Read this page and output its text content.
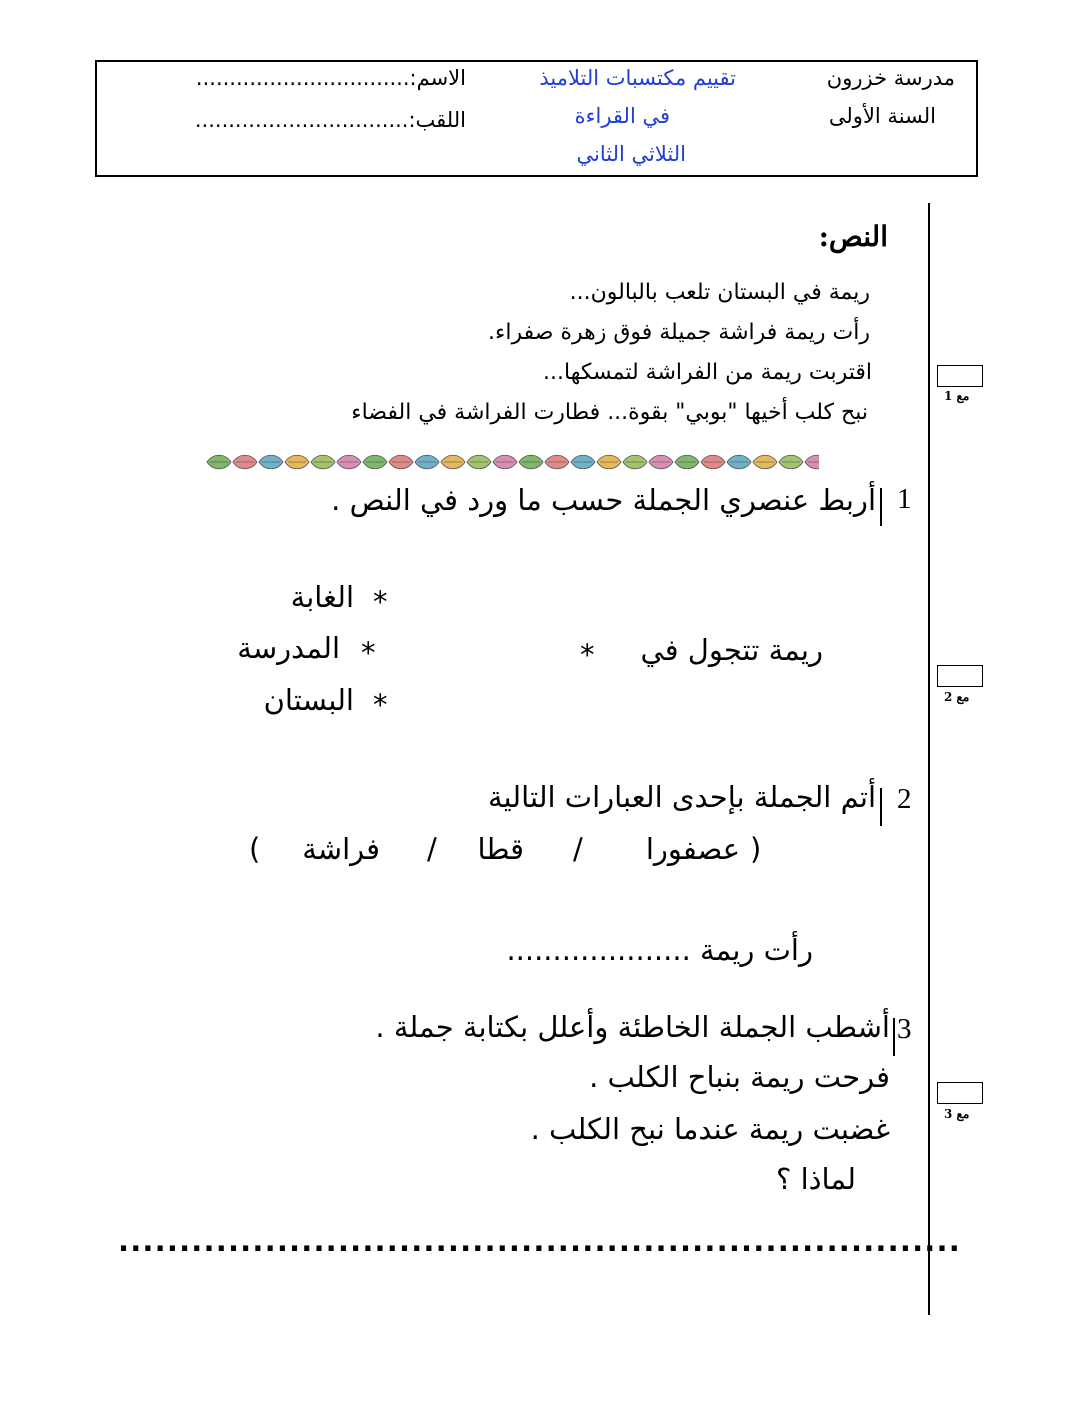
مدرسة خزرون
السنة الأولى
تقييم مكتسبات التلاميذ
في القراءة
الثلاثي الثاني
الاسم:................................
اللقب:................................
مع 1
مع 2
مع 3
النص:
ريمة في البستان تلعب بالبالون...
رأت ريمة فراشة جميلة فوق زهرة صفراء.
اقتربت ريمة من الفراشة لتمسكها...
نبح كلب أخيها "بوبي" بقوة... فطارت الفراشة في الفضاء
1
أربط عنصري الجملة حسب ما ورد في النص .
*
الغابة
*
المدرسة
*
البستان
ريمة تتجول في
*
2
أتم الجملة بإحدى العبارات التالية
)
عصفورا
/
قطا
/
فراشة
(
رأت ريمة ....................
3
أشطب الجملة الخاطئة وأعلل بكتابة جملة .
فرحت ريمة بنباح الكلب .
غضبت ريمة عندما نبح الكلب .
لماذا ؟
.....................................................................
